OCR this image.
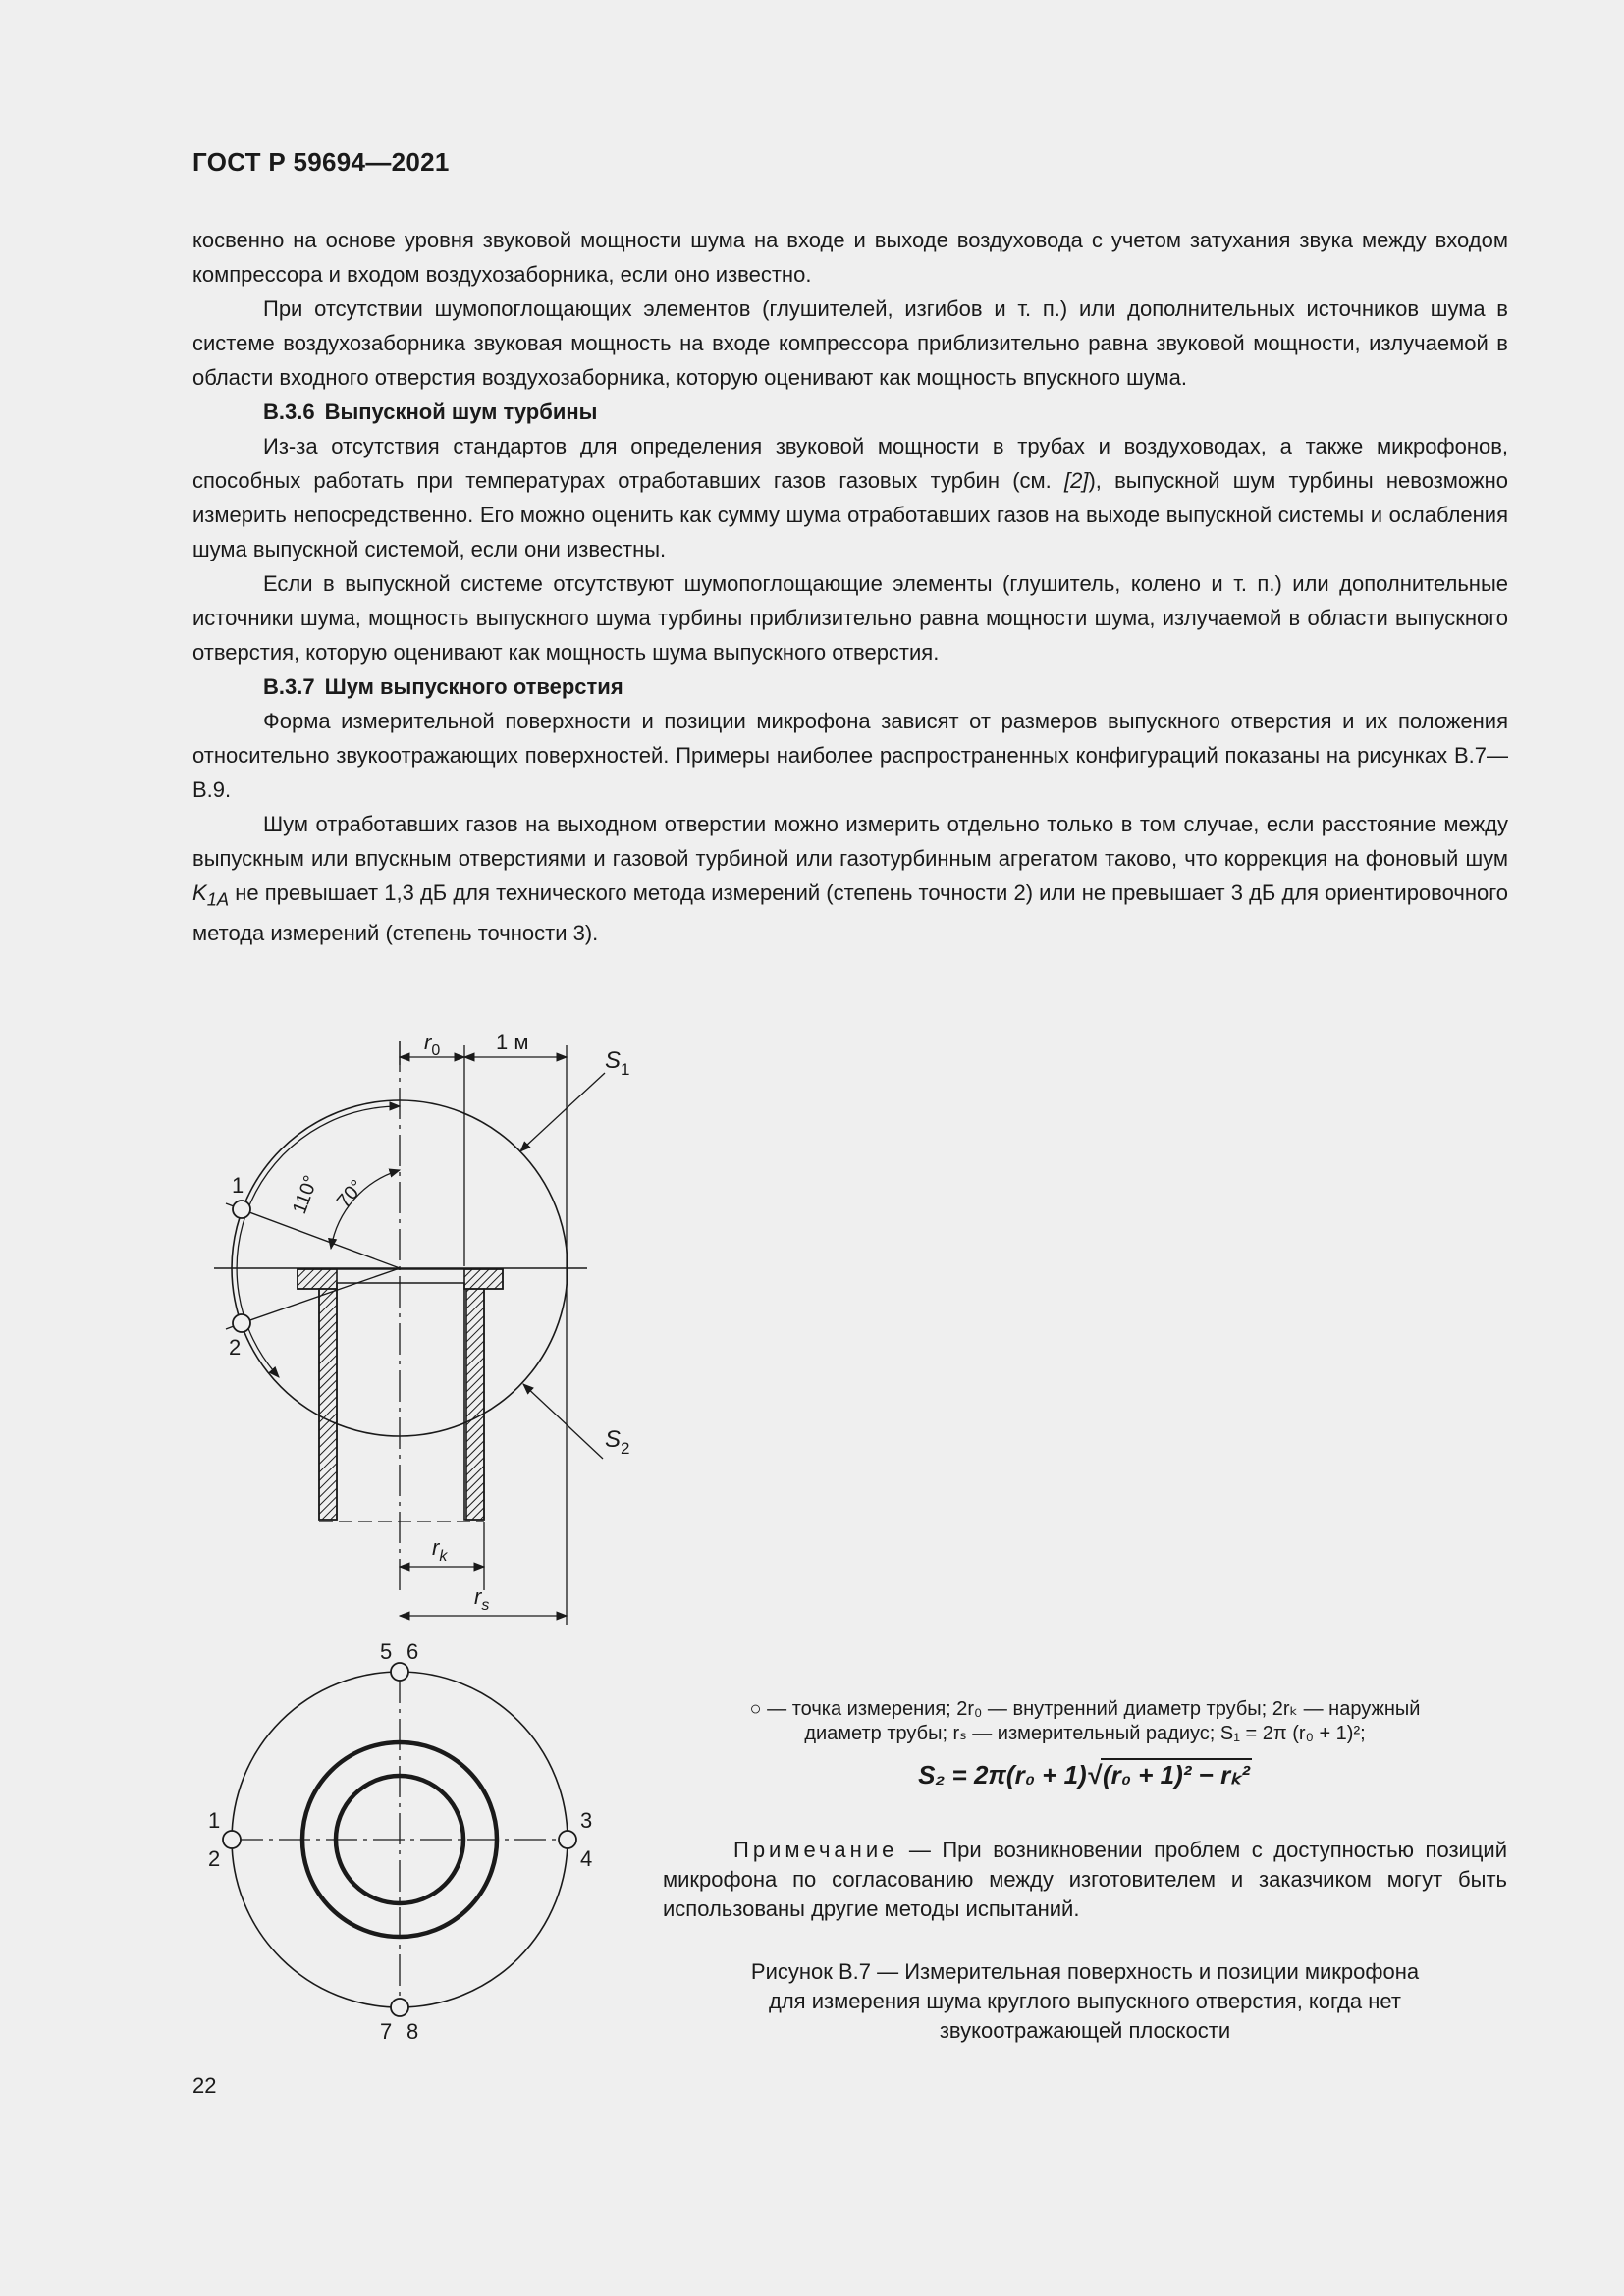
ГОСТ Р 59694—2021

косвенно на основе уровня звуковой мощности шума на входе и выходе воздуховода с учетом затухания звука между входом компрессора и входом воздухозаборника, если оно известно.

При отсутствии шумопоглощающих элементов (глушителей, изгибов и т. п.) или дополнительных источников шума в системе воздухозаборника звуковая мощность на входе компрессора приблизительно равна звуковой мощности, излучаемой в области входного отверстия воздухозаборника, которую оценивают как мощность впускного шума.

B.3.6 Выпускной шум турбины

Из-за отсутствия стандартов для определения звуковой мощности в трубах и воздуховодах, а также микрофонов, способных работать при температурах отработавших газов газовых турбин (см. [2]), выпускной шум турбины невозможно измерить непосредственно. Его можно оценить как сумму шума отработавших газов на выходе выпускной системы и ослабления шума выпускной системой, если они известны.

Если в выпускной системе отсутствуют шумопоглощающие элементы (глушитель, колено и т. п.) или дополнительные источники шума, мощность выпускного шума турбины приблизительно равна мощности шума, излучаемой в области выпускного отверстия, которую оценивают как мощность шума выпускного отверстия.

B.3.7 Шум выпускного отверстия

Форма измерительной поверхности и позиции микрофона зависят от размеров выпускного отверстия и их положения относительно звукоотражающих поверхностей. Примеры наиболее распространенных конфигураций показаны на рисунках В.7—В.9.

Шум отработавших газов на выходном отверстии можно измерить отдельно только в том случае, если расстояние между выпускным или впускным отверстиями и газовой турбиной или газотурбинным агрегатом таково, что коррекция на фоновый шум $K_{1A}$ не превышает 1,3 дБ для технического метода измерений (степень точности 2) или не превышает 3 дБ для ориентировочного метода измерений (степень точности 3).

$r_0$	1 м
$S_1$
$S_2$
$r_k$
$r_s$
1
2
110° 70°
5 6
1
2
3
4
7 8
○ — точка измерения; 2r₀ — внутренний диаметр трубы; 2rₖ — наружный
диаметр трубы; rₛ — измерительный радиус; S₁ = 2π (r₀ + 1)²;
S₂ = 2π(r₀ + 1)√(r₀ + 1)² − rₖ²
Примечание — При возникновении проблем с доступностью позиций микрофона по согласованию между изготовителем и заказчиком могут быть использованы другие методы испытаний.
Рисунок В.7 — Измерительная поверхность и позиции микрофона
для измерения шума круглого выпускного отверстия, когда нет
звукоотражающей плоскости
22
